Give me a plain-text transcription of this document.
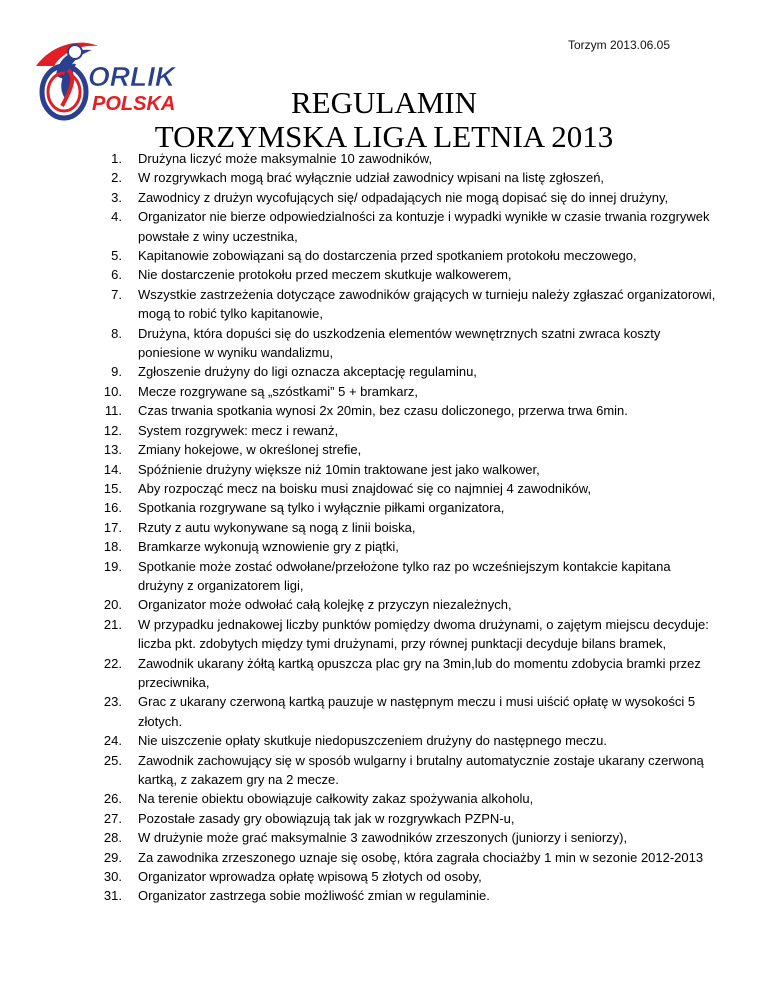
ORLIK
POLSKA
Torzym 2013.06.05
REGULAMIN
TORZYMSKA LIGA LETNIA 2013
1. Drużyna liczyć może maksymalnie 10 zawodników,
2. W rozgrywkach mogą brać wyłącznie udział zawodnicy wpisani na listę zgłoszeń,
3. Zawodnicy z drużyn wycofujących się/ odpadających nie mogą dopisać się do innej drużyny,
4. Organizator nie bierze odpowiedzialności za kontuzje i wypadki wynikłe w czasie trwania rozgrywek powstałe z winy uczestnika,
5. Kapitanowie zobowiązani są do dostarczenia przed spotkaniem protokołu meczowego,
6. Nie dostarczenie protokołu przed meczem skutkuje walkowerem,
7. Wszystkie zastrzeżenia dotyczące zawodników grających w turnieju należy zgłaszać organizatorowi, mogą to robić tylko kapitanowie,
8. Drużyna, która dopuści się do uszkodzenia elementów wewnętrznych szatni zwraca koszty poniesione w wyniku wandalizmu,
9. Zgłoszenie drużyny do ligi oznacza akceptację regulaminu,
10. Mecze rozgrywane są „szóstkami” 5 + bramkarz,
11. Czas trwania spotkania wynosi 2x 20min, bez czasu doliczonego, przerwa trwa 6min.
12. System rozgrywek: mecz i rewanż,
13. Zmiany hokejowe, w określonej strefie,
14. Spóźnienie drużyny większe niż 10min traktowane jest jako walkower,
15. Aby rozpocząć mecz na boisku musi znajdować się co najmniej 4 zawodników,
16. Spotkania rozgrywane są tylko i wyłącznie piłkami organizatora,
17. Rzuty z autu wykonywane są nogą z linii boiska,
18. Bramkarze wykonują wznowienie gry z piątki,
19. Spotkanie może zostać odwołane/przełożone tylko raz po wcześniejszym kontakcie kapitana drużyny z organizatorem ligi,
20. Organizator może odwołać całą kolejkę z przyczyn niezależnych,
21. W przypadku jednakowej liczby punktów pomiędzy dwoma drużynami, o zajętym miejscu decyduje: liczba pkt. zdobytych między tymi drużynami, przy równej punktacji decyduje bilans bramek,
22. Zawodnik ukarany żółtą kartką opuszcza plac gry na 3min,lub do momentu zdobycia bramki przez przeciwnika,
23. Grac z ukarany czerwoną kartką pauzuje w następnym meczu i musi uiścić opłatę w wysokości 5 złotych.
24. Nie uiszczenie opłaty skutkuje niedopuszczeniem drużyny do następnego meczu.
25. Zawodnik zachowujący się w sposób wulgarny i brutalny automatycznie zostaje ukarany czerwoną kartką, z zakazem gry na 2 mecze.
26. Na terenie obiektu obowiązuje całkowity zakaz spożywania alkoholu,
27. Pozostałe zasady gry obowiązują tak jak w rozgrywkach PZPN-u,
28. W drużynie może grać maksymalnie 3 zawodników zrzeszonych (juniorzy i seniorzy),
29. Za zawodnika zrzeszonego uznaje się osobę, która zagrała chociażby 1 min w sezonie 2012-2013
30. Organizator wprowadza opłatę wpisową 5 złotych od osoby,
31. Organizator zastrzega sobie możliwość zmian w regulaminie.
